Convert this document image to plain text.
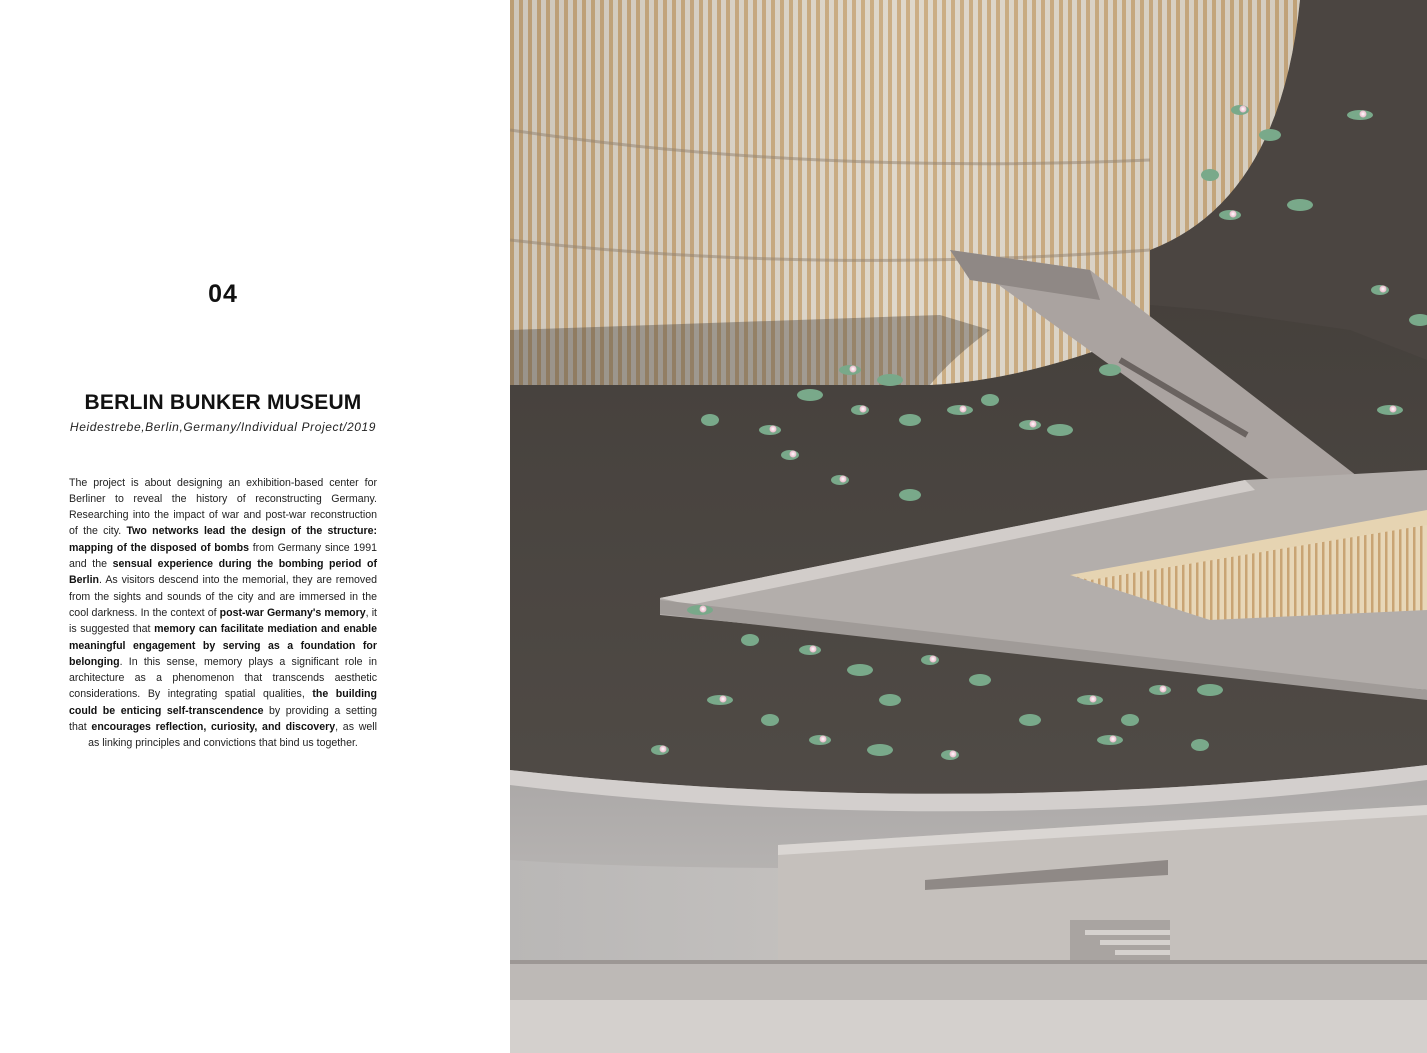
04
BERLIN BUNKER MUSEUM
Heidestrebe,Berlin,Germany/Individual Project/2019

The project is about designing an exhibition-based center for Berliner to reveal the history of reconstructing Germany. Researching into the impact of war and post-war reconstruction of the city. Two networks lead the design of the structure: mapping of the disposed of bombs from Germany since 1991 and the sensual experience during the bombing period of Berlin. As visitors descend into the memorial, they are removed from the sights and sounds of the city and are immersed in the cool darkness. In the context of post-war Germany's memory, it is suggested that memory can facilitate mediation and enable meaningful engagement by serving as a foundation for belonging. In this sense, memory plays a significant role in architecture as a phenomenon that transcends aesthetic considerations. By integrating spatial qualities, the building could be enticing self-transcendence by providing a setting that encourages reflection, curiosity, and discovery, as well as linking principles and convictions that bind us together.
